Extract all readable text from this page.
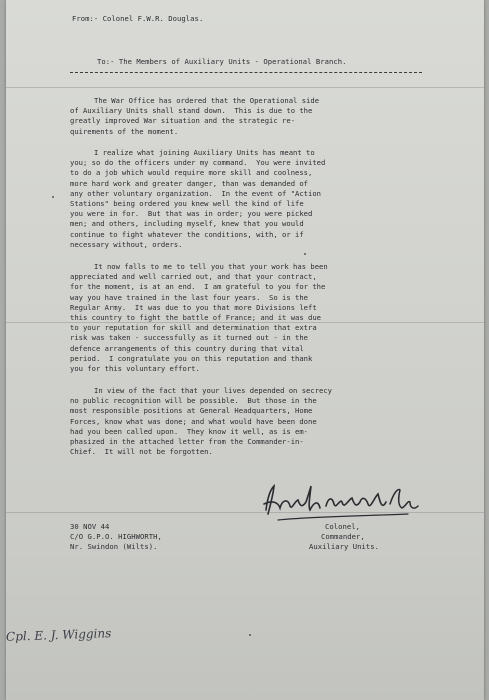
From:- Colonel F.W.R. Douglas.
To:- The Members of Auxiliary Units - Operational Branch.
The War Office has ordered that the Operational side
of Auxiliary Units shall stand down.  This is due to the
greatly improved War situation and the strategic re-
quirements of the moment.
I realize what joining Auxiliary Units has meant to
you; so do the officers under my command.  You were invited
to do a job which would require more skill and coolness,
more hard work and greater danger, than was demanded of
any other voluntary organization.  In the event of "Action
Stations" being ordered you knew well the kind of life
you were in for.  But that was in order; you were picked
men; and others, including myself, knew that you would
continue to fight whatever the conditions, with, or if
necessary without, orders.
It now falls to me to tell you that your work has been
appreciated and well carried out, and that your contract,
for the moment, is at an end.  I am grateful to you for the
way you have trained in the last four years.  So is the
Regular Army.  It was due to you that more Divisions left
this country to fight the battle of France; and it was due
to your reputation for skill and determination that extra
risk was taken - successfully as it turned out - in the
defence arrangements of this country during that vital
period.  I congratulate you on this reputation and thank
you for this voluntary effort.
In view of the fact that your lives depended on secrecy
no public recognition will be possible.  But those in the
most responsible positions at General Headquarters, Home
Forces, know what was done; and what would have been done
had you been called upon.  They know it well, as is em-
phasized in the attached letter from the Commander-in-
Chief.  It will not be forgotten.
30 NOV 44
C/O G.P.O. HIGHWORTH,
Nr. Swindon (Wilts).
Colonel,
Commander,
Auxiliary Units.
Cpl. E. J. Wiggins
